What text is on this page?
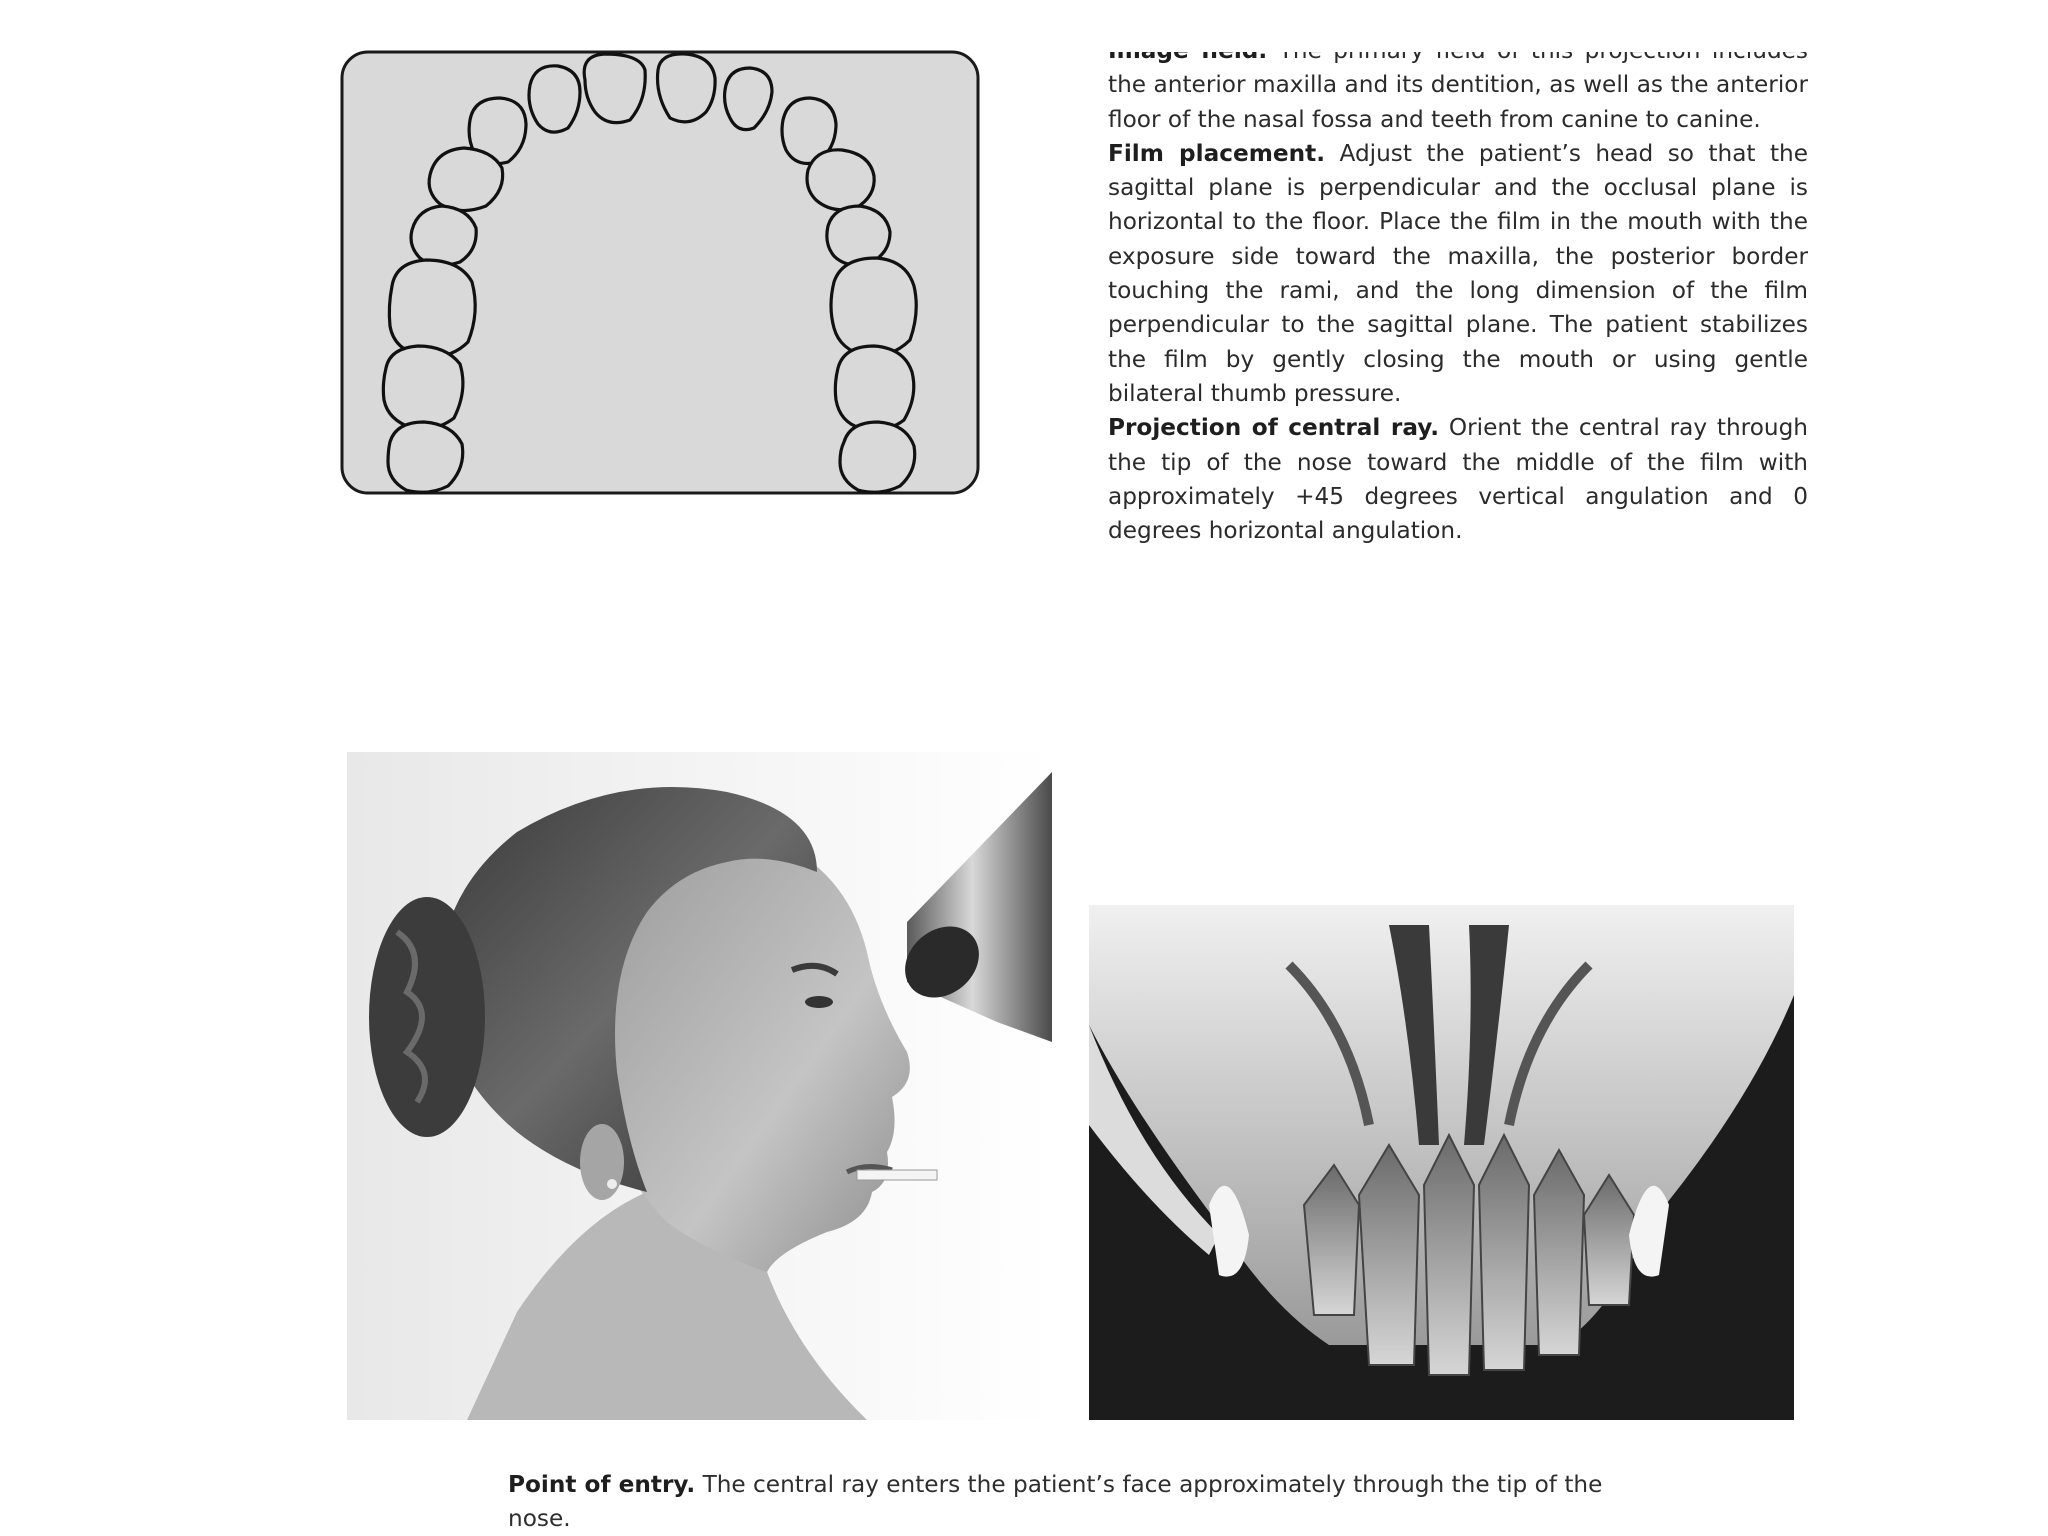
the anterior maxilla and its dentition, as well as the anterior floor of the nasal fossa and teeth from canine to canine.

Film placement. Adjust the patient’s head so that the sagittal plane is perpendicular and the occlusal plane is horizontal to the floor. Place the film in the mouth with the exposure side toward the maxilla, the posterior border touching the rami, and the long dimension of the film perpendicular to the sagittal plane. The patient stabilizes the film by gently closing the mouth or using gentle bilateral thumb pressure.

Projection of central ray. Orient the central ray through the tip of the nose toward the middle of the film with approximately +45 degrees vertical angulation and 0 degrees horizontal angulation.

Point of entry. The central ray enters the patient’s face approximately through the tip of the nose.
